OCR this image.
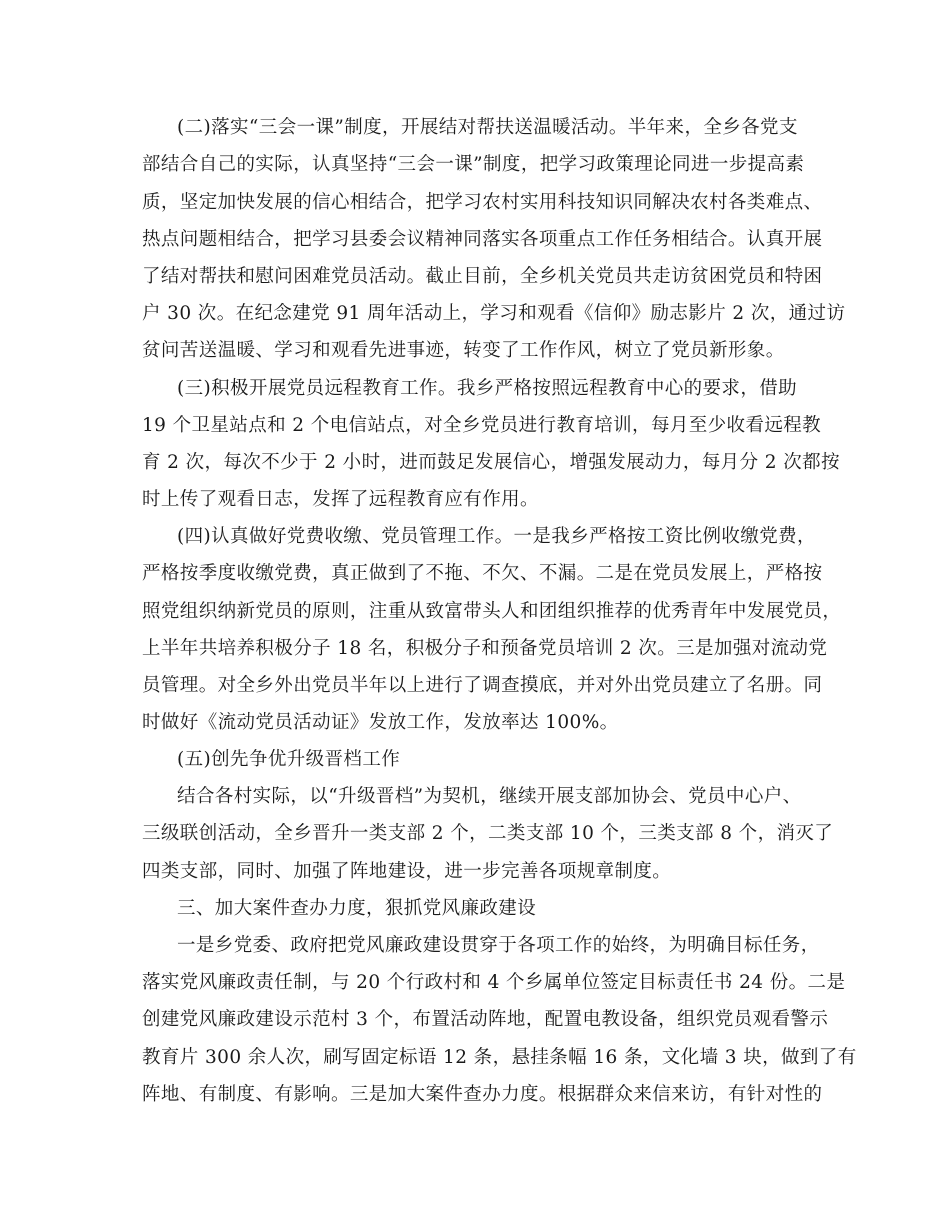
(二)落实“三会一课”制度，开展结对帮扶送温暖活动。半年来，全乡各党支
部结合自己的实际，认真坚持“三会一课”制度，把学习政策理论同进一步提高素
质，坚定加快发展的信心相结合，把学习农村实用科技知识同解决农村各类难点、
热点问题相结合，把学习县委会议精神同落实各项重点工作任务相结合。认真开展
了结对帮扶和慰问困难党员活动。截止目前，全乡机关党员共走访贫困党员和特困
户 30 次。在纪念建党 91 周年活动上，学习和观看《信仰》励志影片 2 次，通过访
贫问苦送温暖、学习和观看先进事迹，转变了工作作风，树立了党员新形象。
(三)积极开展党员远程教育工作。我乡严格按照远程教育中心的要求，借助
19 个卫星站点和 2 个电信站点，对全乡党员进行教育培训，每月至少收看远程教
育 2 次，每次不少于 2 小时，进而鼓足发展信心，增强发展动力，每月分 2 次都按
时上传了观看日志，发挥了远程教育应有作用。
(四)认真做好党费收缴、党员管理工作。一是我乡严格按工资比例收缴党费，
严格按季度收缴党费，真正做到了不拖、不欠、不漏。二是在党员发展上，严格按
照党组织纳新党员的原则，注重从致富带头人和团组织推荐的优秀青年中发展党员，
上半年共培养积极分子 18 名，积极分子和预备党员培训 2 次。三是加强对流动党
员管理。对全乡外出党员半年以上进行了调查摸底，并对外出党员建立了名册。同
时做好《流动党员活动证》发放工作，发放率达 100%。
(五)创先争优升级晋档工作
结合各村实际，以“升级晋档”为契机，继续开展支部加协会、党员中心户、
三级联创活动，全乡晋升一类支部 2 个，二类支部 10 个，三类支部 8 个，消灭了
四类支部，同时、加强了阵地建设，进一步完善各项规章制度。
三、加大案件查办力度，狠抓党风廉政建设
一是乡党委、政府把党风廉政建设贯穿于各项工作的始终，为明确目标任务，
落实党风廉政责任制，与 20 个行政村和 4 个乡属单位签定目标责任书 24 份。二是
创建党风廉政建设示范村 3 个，布置活动阵地，配置电教设备，组织党员观看警示
教育片 300 余人次，刷写固定标语 12 条，悬挂条幅 16 条，文化墙 3 块，做到了有
阵地、有制度、有影响。三是加大案件查办力度。根据群众来信来访，有针对性的
